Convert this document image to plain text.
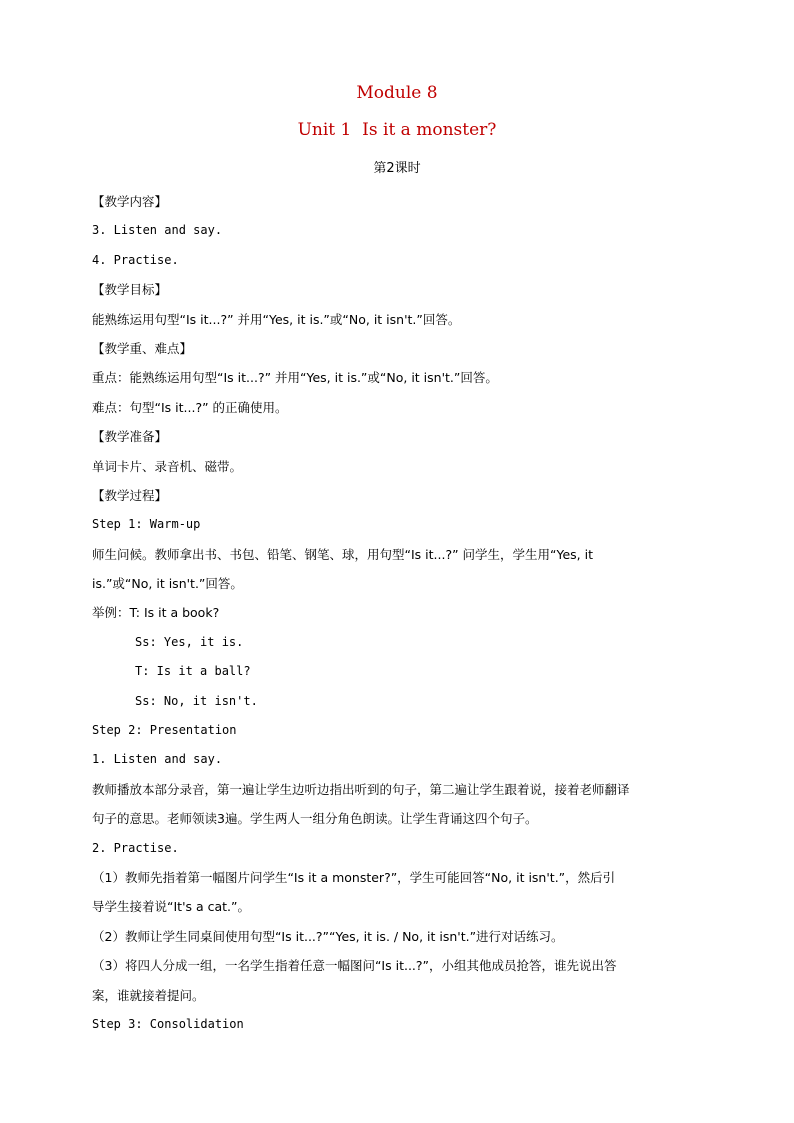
Module 8
Unit 1  Is it a monster?
第2课时
【教学内容】
3. Listen and say.
4. Practise.
【教学目标】
能熟练运用句型“Is it...?” 并用“Yes, it is.”或“No, it isn't.”回答。
【教学重、难点】
重点：能熟练运用句型“Is it...?” 并用“Yes, it is.”或“No, it isn't.”回答。
难点：句型“Is it...?” 的正确使用。
【教学准备】
单词卡片、录音机、磁带。
【教学过程】
Step 1: Warm-up
师生问候。教师拿出书、书包、铅笔、钢笔、球，用句型“Is it...?” 问学生，学生用“Yes, it
is.”或“No, it isn't.”回答。
举例：T: Is it a book?
Ss: Yes, it is.
T: Is it a ball?
Ss: No, it isn't.
Step 2: Presentation
1. Listen and say.
教师播放本部分录音，第一遍让学生边听边指出听到的句子，第二遍让学生跟着说，接着老师翻译
句子的意思。老师领读3遍。学生两人一组分角色朗读。让学生背诵这四个句子。
2. Practise.
（1）教师先指着第一幅图片问学生“Is it a monster?”，学生可能回答“No, it isn't.”，然后引
导学生接着说“It's a cat.”。
（2）教师让学生同桌间使用句型“Is it...?”“Yes, it is. / No, it isn't.”进行对话练习。
（3）将四人分成一组，一名学生指着任意一幅图问“Is it...?”，小组其他成员抢答，谁先说出答
案，谁就接着提问。
Step 3: Consolidation
